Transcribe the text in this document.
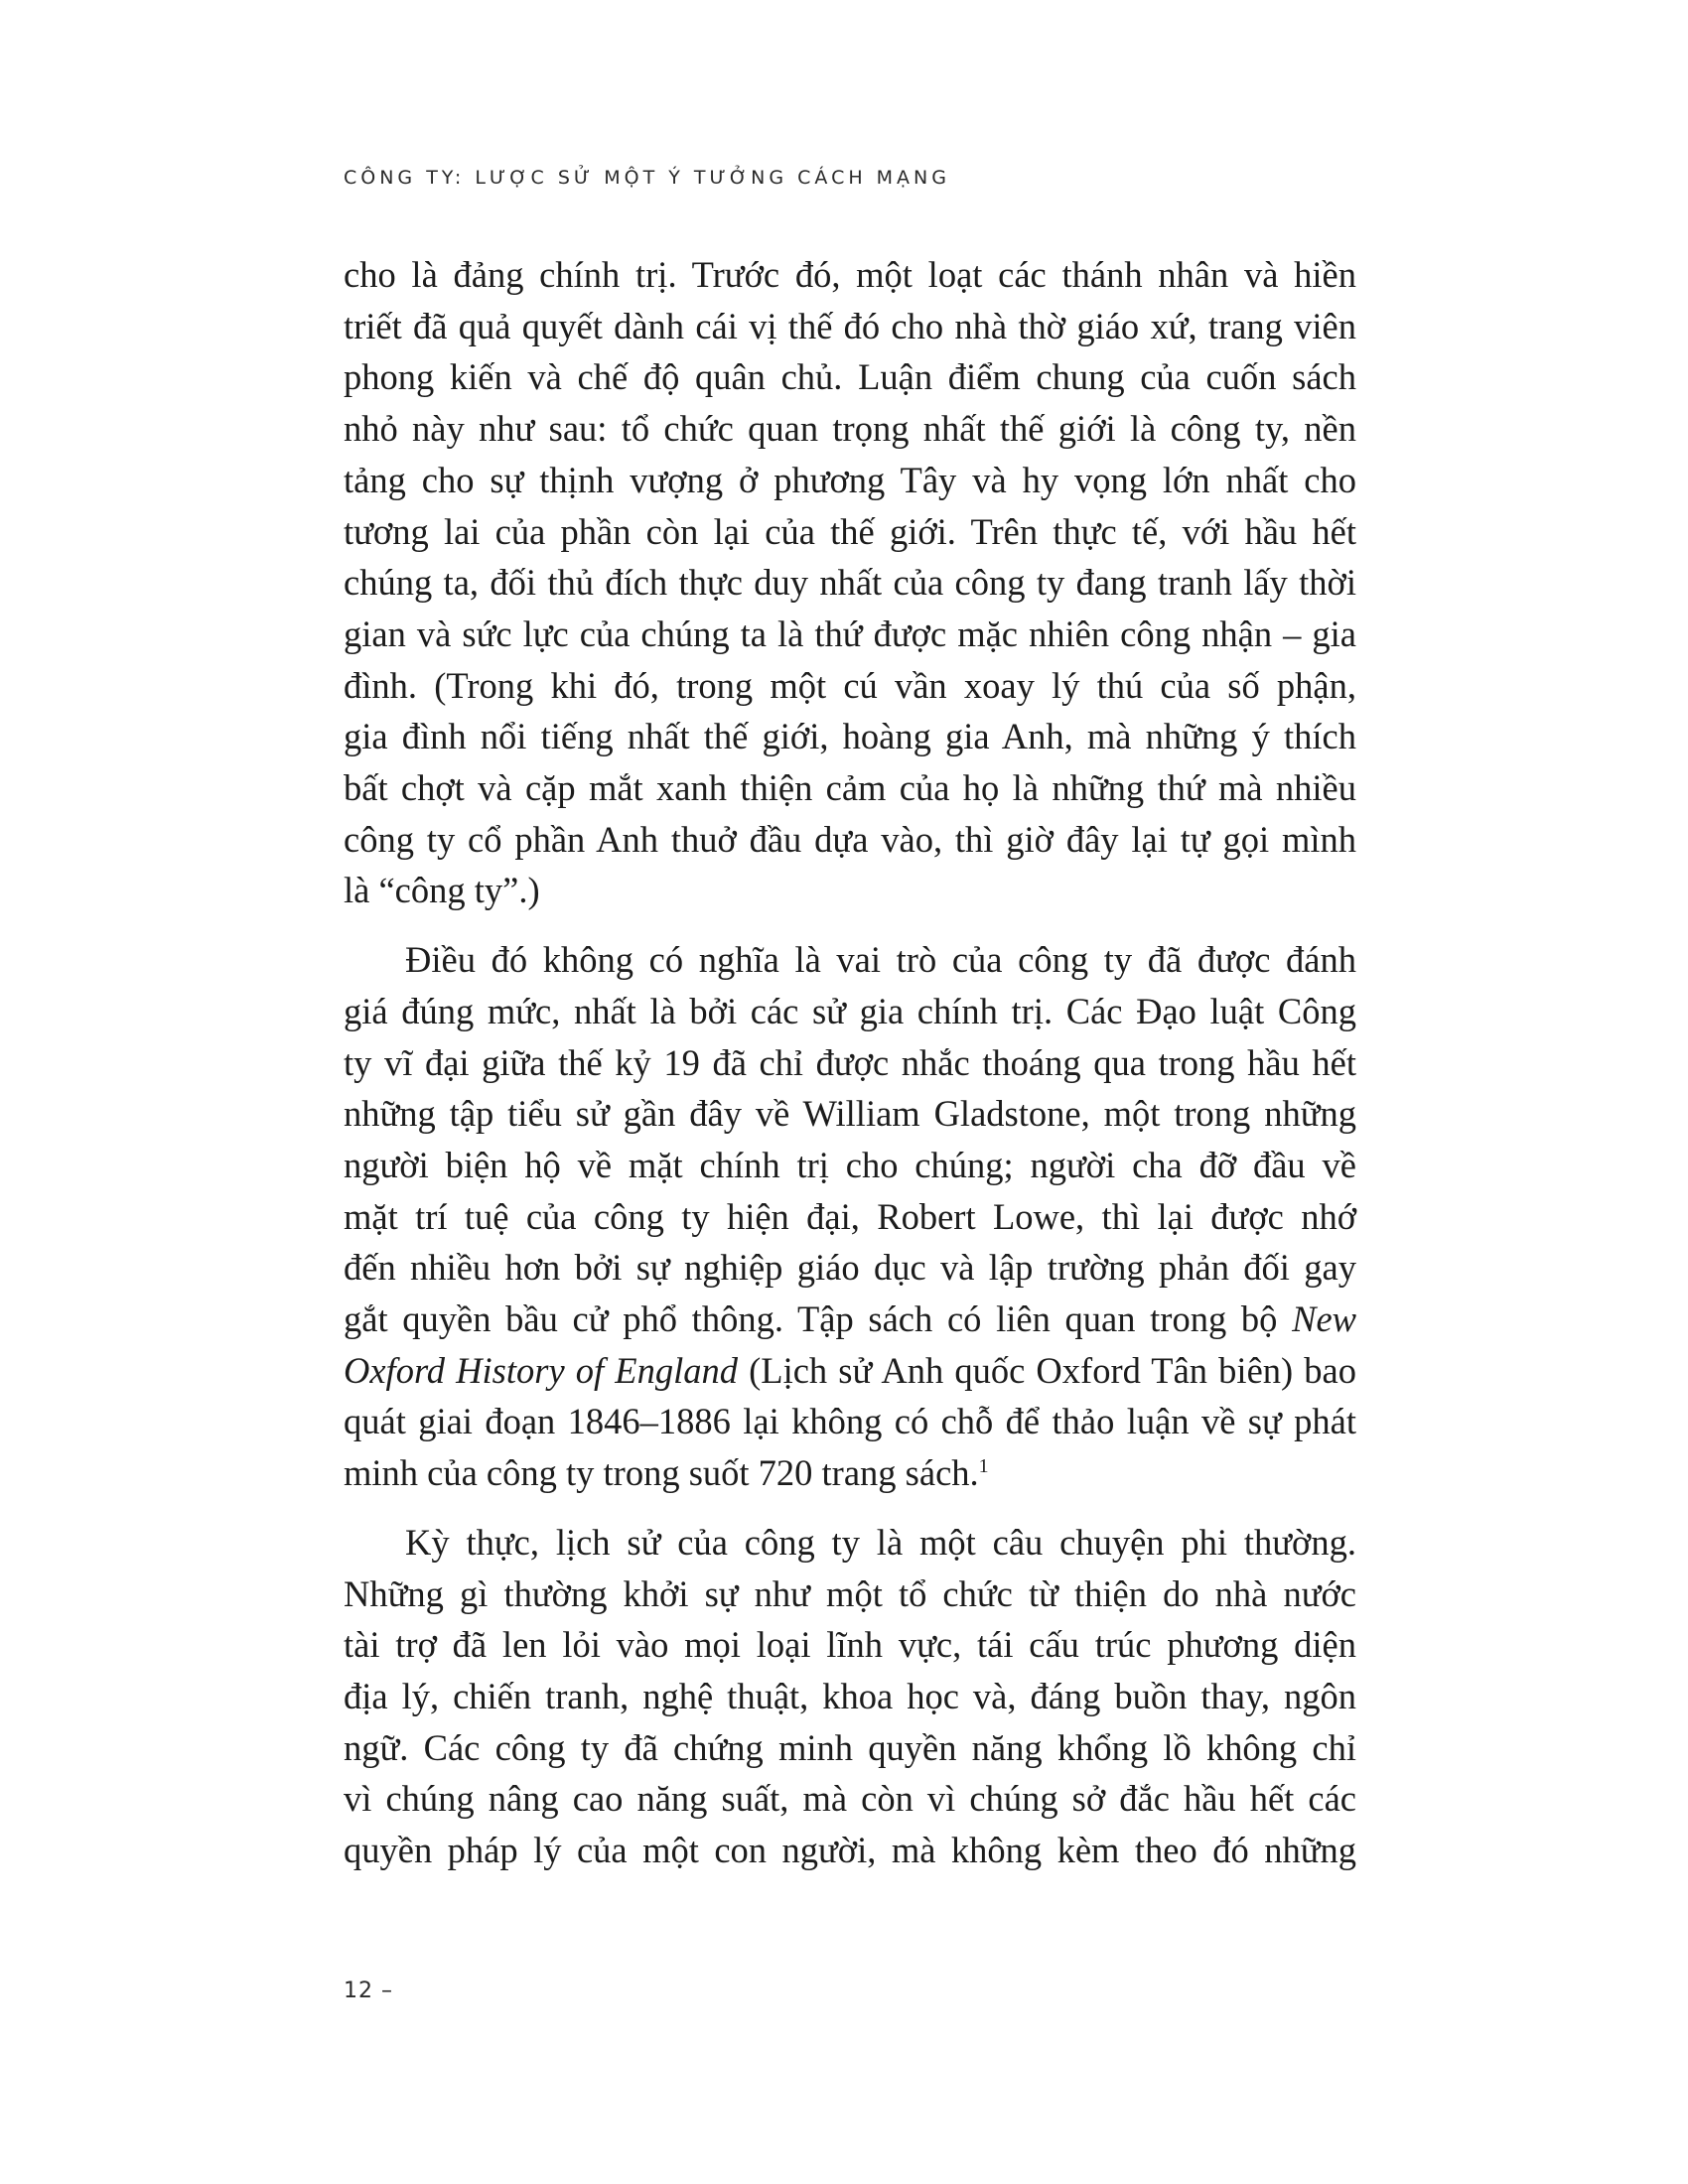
CÔNG TY: LƯỢC SỬ MỘT Ý TƯỞNG CÁCH MẠNG
cho là đảng chính trị. Trước đó, một loạt các thánh nhân và hiền
triết đã quả quyết dành cái vị thế đó cho nhà thờ giáo xứ, trang viên
phong kiến và chế độ quân chủ. Luận điểm chung của cuốn sách
nhỏ này như sau: tổ chức quan trọng nhất thế giới là công ty, nền
tảng cho sự thịnh vượng ở phương Tây và hy vọng lớn nhất cho
tương lai của phần còn lại của thế giới. Trên thực tế, với hầu hết
chúng ta, đối thủ đích thực duy nhất của công ty đang tranh lấy thời
gian và sức lực của chúng ta là thứ được mặc nhiên công nhận – gia
đình. (Trong khi đó, trong một cú vần xoay lý thú của số phận,
gia đình nổi tiếng nhất thế giới, hoàng gia Anh, mà những ý thích
bất chợt và cặp mắt xanh thiện cảm của họ là những thứ mà nhiều
công ty cổ phần Anh thuở đầu dựa vào, thì giờ đây lại tự gọi mình
là “công ty”.)
Điều đó không có nghĩa là vai trò của công ty đã được đánh
giá đúng mức, nhất là bởi các sử gia chính trị. Các Đạo luật Công
ty vĩ đại giữa thế kỷ 19 đã chỉ được nhắc thoáng qua trong hầu hết
những tập tiểu sử gần đây về William Gladstone, một trong những
người biện hộ về mặt chính trị cho chúng; người cha đỡ đầu về
mặt trí tuệ của công ty hiện đại, Robert Lowe, thì lại được nhớ
đến nhiều hơn bởi sự nghiệp giáo dục và lập trường phản đối gay
gắt quyền bầu cử phổ thông. Tập sách có liên quan trong bộ New
Oxford History of England (Lịch sử Anh quốc Oxford Tân biên) bao
quát giai đoạn 1846–1886 lại không có chỗ để thảo luận về sự phát
minh của công ty trong suốt 720 trang sách.$^1$
Kỳ thực, lịch sử của công ty là một câu chuyện phi thường.
Những gì thường khởi sự như một tổ chức từ thiện do nhà nước
tài trợ đã len lỏi vào mọi loại lĩnh vực, tái cấu trúc phương diện
địa lý, chiến tranh, nghệ thuật, khoa học và, đáng buồn thay, ngôn
ngữ. Các công ty đã chứng minh quyền năng khổng lồ không chỉ
vì chúng nâng cao năng suất, mà còn vì chúng sở đắc hầu hết các
quyền pháp lý của một con người, mà không kèm theo đó những
12 –
